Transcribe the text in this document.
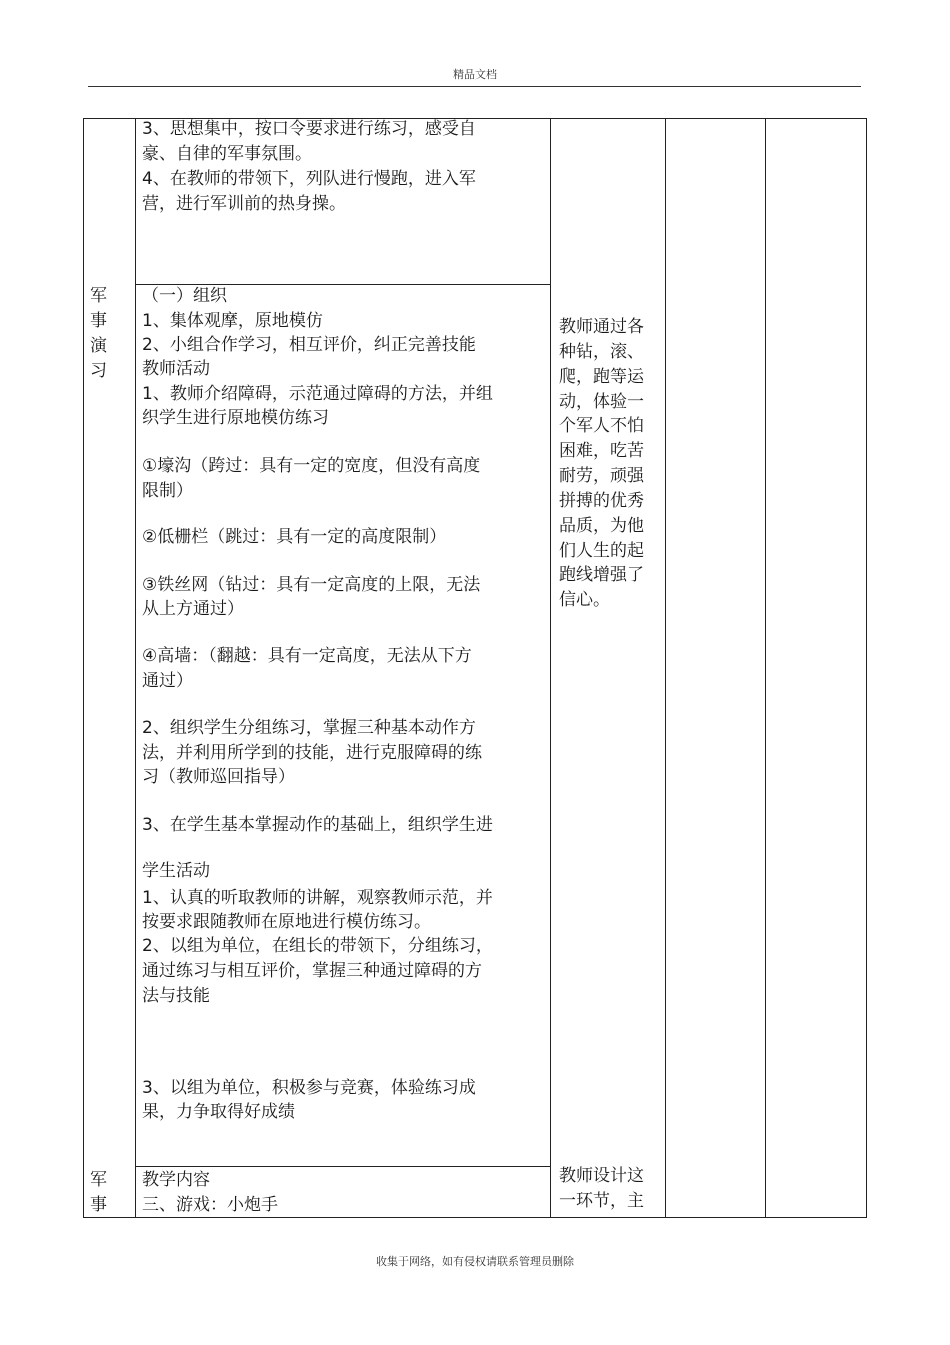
精品文档
3、思想集中，按口令要求进行练习，感受自
豪、自律的军事氛围。
4、在教师的带领下，列队进行慢跑，进入军
营，进行军训前的热身操。
军
事
演
习
（一）组织
1、集体观摩，原地模仿
2、小组合作学习，相互评价，纠正完善技能
教师活动
1、教师介绍障碍，示范通过障碍的方法，并组
织学生进行原地模仿练习
①壕沟（跨过：具有一定的宽度，但没有高度
限制）
②低栅栏（跳过：具有一定的高度限制）
③铁丝网（钻过：具有一定高度的上限，无法
从上方通过）
④高墙：（翻越：具有一定高度，无法从下方
通过）
2、组织学生分组练习，掌握三种基本动作方
法，并利用所学到的技能，进行克服障碍的练
习（教师巡回指导）
3、在学生基本掌握动作的基础上，组织学生进
学生活动
1、认真的听取教师的讲解，观察教师示范，并
按要求跟随教师在原地进行模仿练习。
2、以组为单位，在组长的带领下，分组练习，
通过练习与相互评价，掌握三种通过障碍的方
法与技能
3、以组为单位，积极参与竞赛，体验练习成
果，力争取得好成绩
教师通过各
种钻，滚、
爬，跑等运
动，体验一
个军人不怕
困难，吃苦
耐劳，顽强
拼搏的优秀
品质，为他
们人生的起
跑线增强了
信心。
军
事
教学内容
三、游戏：小炮手
教师设计这
一环节，主
收集于网络，如有侵权请联系管理员删除
